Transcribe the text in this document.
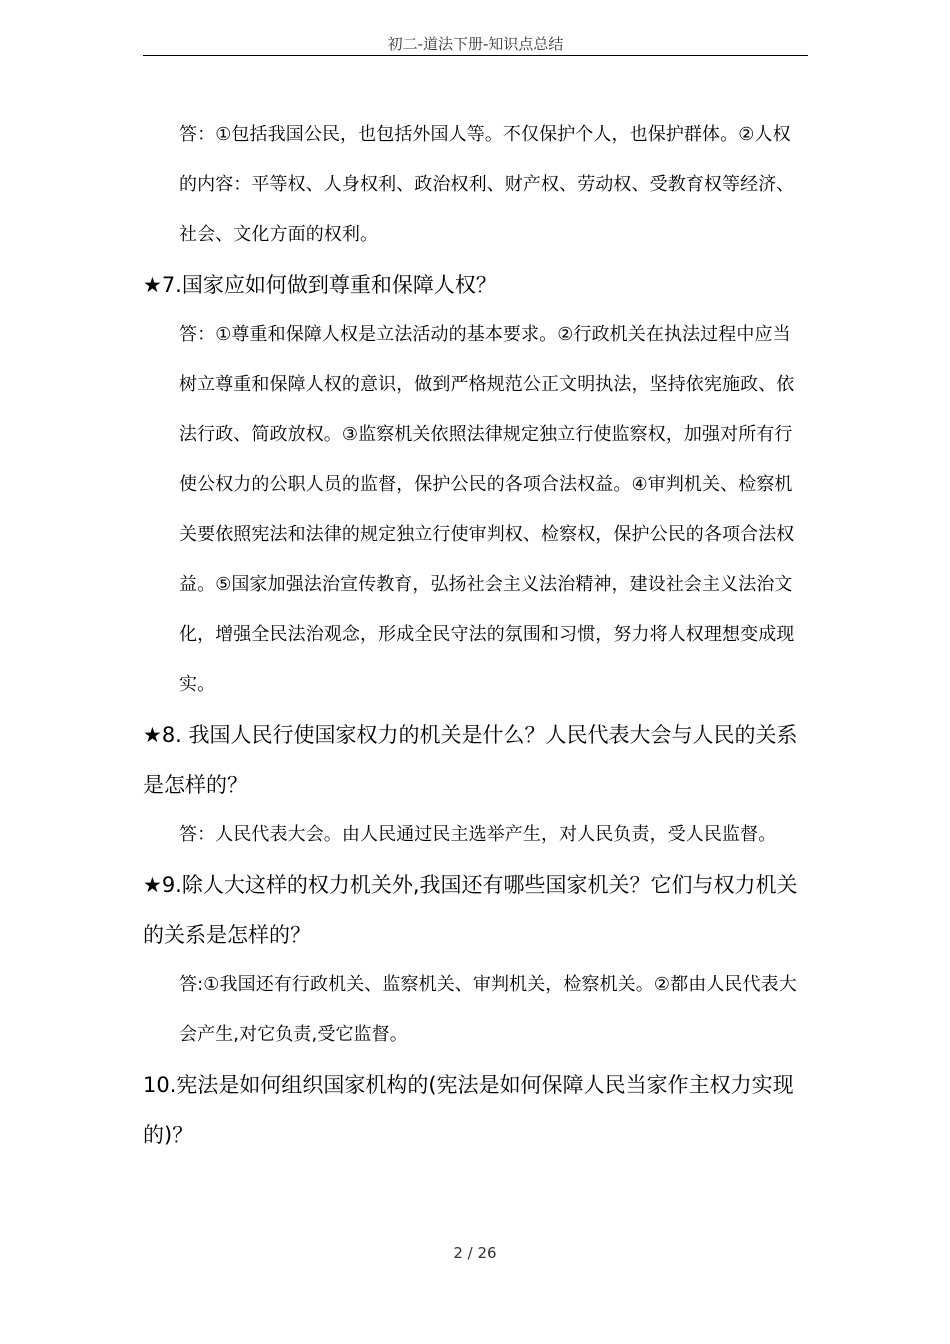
初二-道法下册-知识点总结

答：①包括我国公民，也包括外国人等。不仅保护个人，也保护群体。②人权的内容：平等权、人身权利、政治权利、财产权、劳动权、受教育权等经济、社会、文化方面的权利。

★7.国家应如何做到尊重和保障人权？

答：①尊重和保障人权是立法活动的基本要求。②行政机关在执法过程中应当树立尊重和保障人权的意识，做到严格规范公正文明执法，坚持依宪施政、依法行政、简政放权。③监察机关依照法律规定独立行使监察权，加强对所有行使公权力的公职人员的监督，保护公民的各项合法权益。④审判机关、检察机关要依照宪法和法律的规定独立行使审判权、检察权，保护公民的各项合法权益。⑤国家加强法治宣传教育，弘扬社会主义法治精神，建设社会主义法治文化，增强全民法治观念，形成全民守法的氛围和习惯，努力将人权理想变成现实。

★8. 我国人民行使国家权力的机关是什么？人民代表大会与人民的关系是怎样的？

答：人民代表大会。由人民通过民主选举产生，对人民负责，受人民监督。

★9.除人大这样的权力机关外,我国还有哪些国家机关？它们与权力机关的关系是怎样的？

答:①我国还有行政机关、监察机关、审判机关，检察机关。②都由人民代表大会产生,对它负责,受它监督。

10.宪法是如何组织国家机构的(宪法是如何保障人民当家作主权力实现的)？

2 / 26
